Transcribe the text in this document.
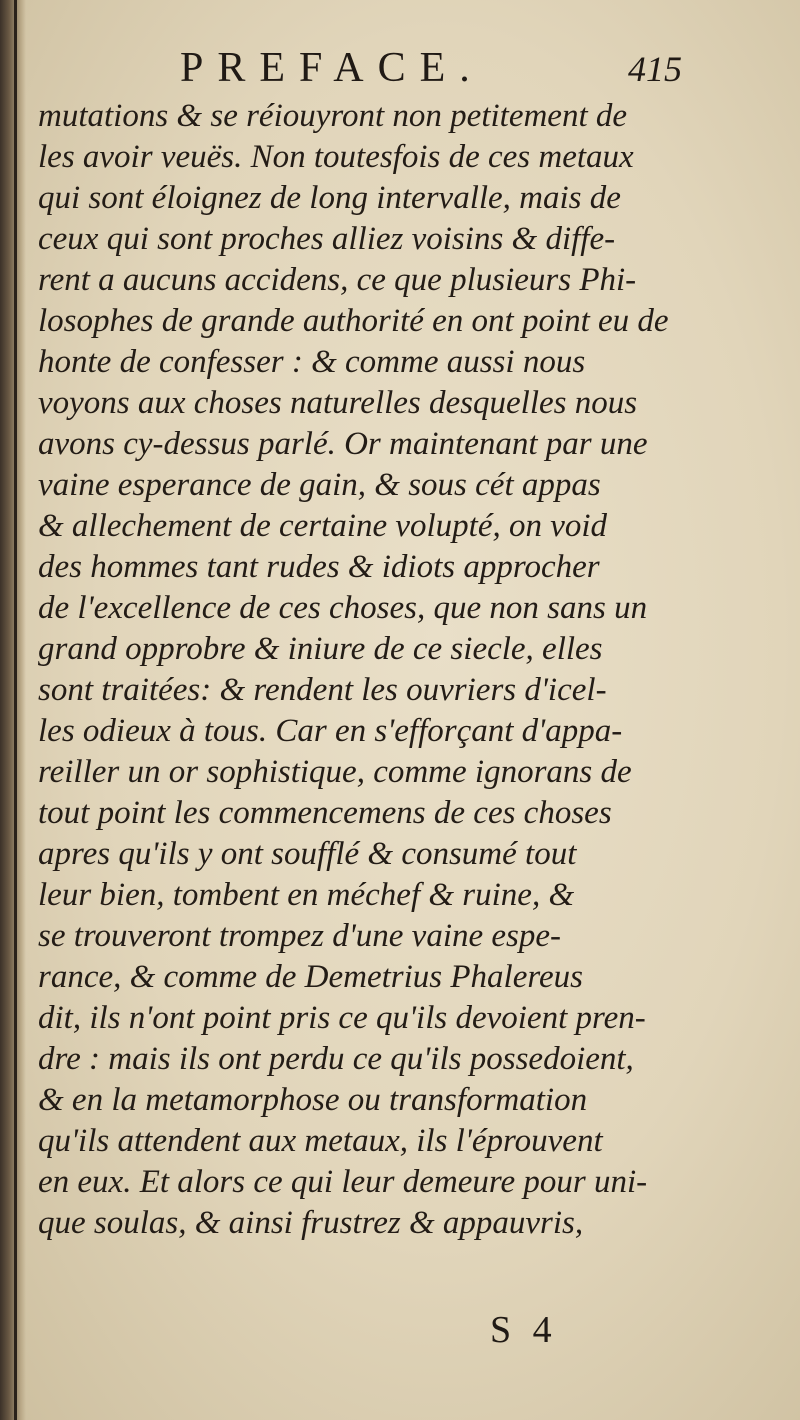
PREFACE.	415
mutations & se réiouyront non petitement de
les avoir veuës. Non toutesfois de ces metaux
qui sont éloignez de long intervalle, mais de
ceux qui sont proches alliez voisins & diffe-
rent a aucuns accidens, ce que plusieurs Phi-
losophes de grande authorité en ont point eu de
honte de confesser : & comme aussi nous
voyons aux choses naturelles desquelles nous
avons cy-dessus parlé. Or maintenant par une
vaine esperance de gain, & sous cét appas
& allechement de certaine volupté, on void
des hommes tant rudes & idiots approcher
de l'excellence de ces choses, que non sans un
grand opprobre & iniure de ce siecle, elles
sont traitées: & rendent les ouvriers d'icel-
les odieux à tous. Car en s'efforçant d'appa-
reiller un or sophistique, comme ignorans de
tout point les commencemens de ces choses
apres qu'ils y ont soufflé & consumé tout
leur bien, tombent en méchef & ruine, &
se trouveront trompez d'une vaine espe-
rance, & comme de Demetrius Phalereus
dit, ils n'ont point pris ce qu'ils devoient pren-
dre : mais ils ont perdu ce qu'ils possedoient,
& en la metamorphose ou transformation
qu'ils attendent aux metaux, ils l'éprouvent
en eux. Et alors ce qui leur demeure pour uni-
que soulas, & ainsi frustrez & appauvris,
S 4
